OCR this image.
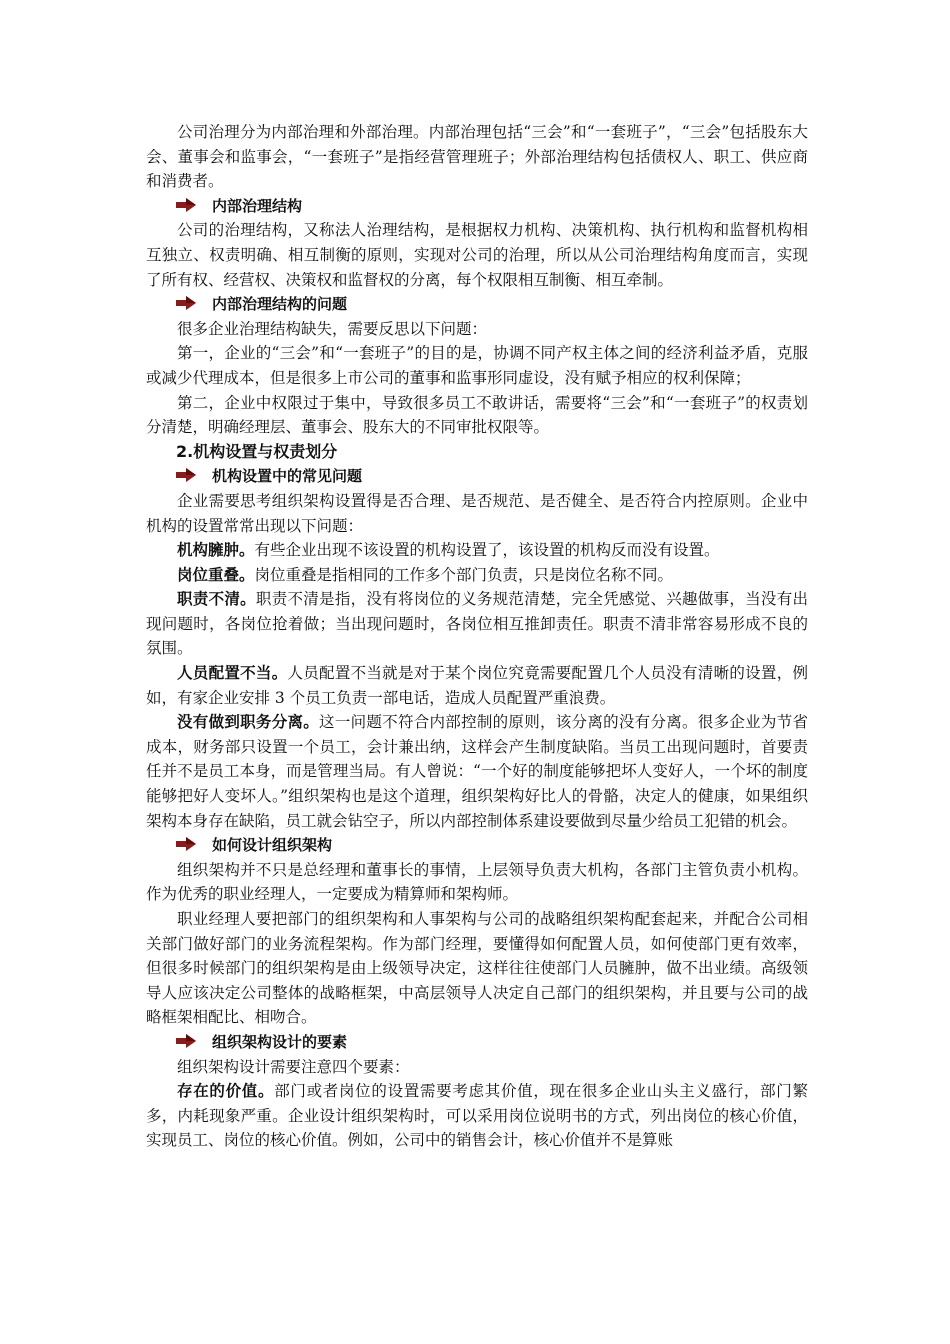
公司治理分为内部治理和外部治理。内部治理包括“三会”和“一套班子”，“三会”包括股东大会、董事会和监事会，“一套班子”是指经营管理班子；外部治理结构包括债权人、职工、供应商和消费者。

内部治理结构

公司的治理结构，又称法人治理结构，是根据权力机构、决策机构、执行机构和监督机构相互独立、权责明确、相互制衡的原则，实现对公司的治理，所以从公司治理结构角度而言，实现了所有权、经营权、决策权和监督权的分离，每个权限相互制衡、相互牵制。

内部治理结构的问题

很多企业治理结构缺失，需要反思以下问题：

第一，企业的“三会”和“一套班子”的目的是，协调不同产权主体之间的经济利益矛盾，克服或减少代理成本，但是很多上市公司的董事和监事形同虚设，没有赋予相应的权利保障；

第二，企业中权限过于集中，导致很多员工不敢讲话，需要将“三会”和“一套班子”的权责划分清楚，明确经理层、董事会、股东大的不同审批权限等。

2.机构设置与权责划分

机构设置中的常见问题

企业需要思考组织架构设置得是否合理、是否规范、是否健全、是否符合内控原则。企业中机构的设置常常出现以下问题：

机构臃肿。有些企业出现不该设置的机构设置了，该设置的机构反而没有设置。

岗位重叠。岗位重叠是指相同的工作多个部门负责，只是岗位名称不同。

职责不清。职责不清是指，没有将岗位的义务规范清楚，完全凭感觉、兴趣做事，当没有出现问题时，各岗位抢着做；当出现问题时，各岗位相互推卸责任。职责不清非常容易形成不良的氛围。

人员配置不当。人员配置不当就是对于某个岗位究竟需要配置几个人员没有清晰的设置，例如，有家企业安排 3 个员工负责一部电话，造成人员配置严重浪费。

没有做到职务分离。这一问题不符合内部控制的原则，该分离的没有分离。很多企业为节省成本，财务部只设置一个员工，会计兼出纳，这样会产生制度缺陷。当员工出现问题时，首要责任并不是员工本身，而是管理当局。有人曾说：“一个好的制度能够把坏人变好人，一个坏的制度能够把好人变坏人。”组织架构也是这个道理，组织架构好比人的骨骼，决定人的健康，如果组织架构本身存在缺陷，员工就会钻空子，所以内部控制体系建设要做到尽量少给员工犯错的机会。

如何设计组织架构

组织架构并不只是总经理和董事长的事情，上层领导负责大机构，各部门主管负责小机构。作为优秀的职业经理人，一定要成为精算师和架构师。

职业经理人要把部门的组织架构和人事架构与公司的战略组织架构配套起来，并配合公司相关部门做好部门的业务流程架构。作为部门经理，要懂得如何配置人员，如何使部门更有效率，但很多时候部门的组织架构是由上级领导决定，这样往往使部门人员臃肿，做不出业绩。高级领导人应该决定公司整体的战略框架，中高层领导人决定自己部门的组织架构，并且要与公司的战略框架相配比、相吻合。

组织架构设计的要素

组织架构设计需要注意四个要素：

存在的价值。部门或者岗位的设置需要考虑其价值，现在很多企业山头主义盛行，部门繁多，内耗现象严重。企业设计组织架构时，可以采用岗位说明书的方式，列出岗位的核心价值，实现员工、岗位的核心价值。例如，公司中的销售会计，核心价值并不是算账
